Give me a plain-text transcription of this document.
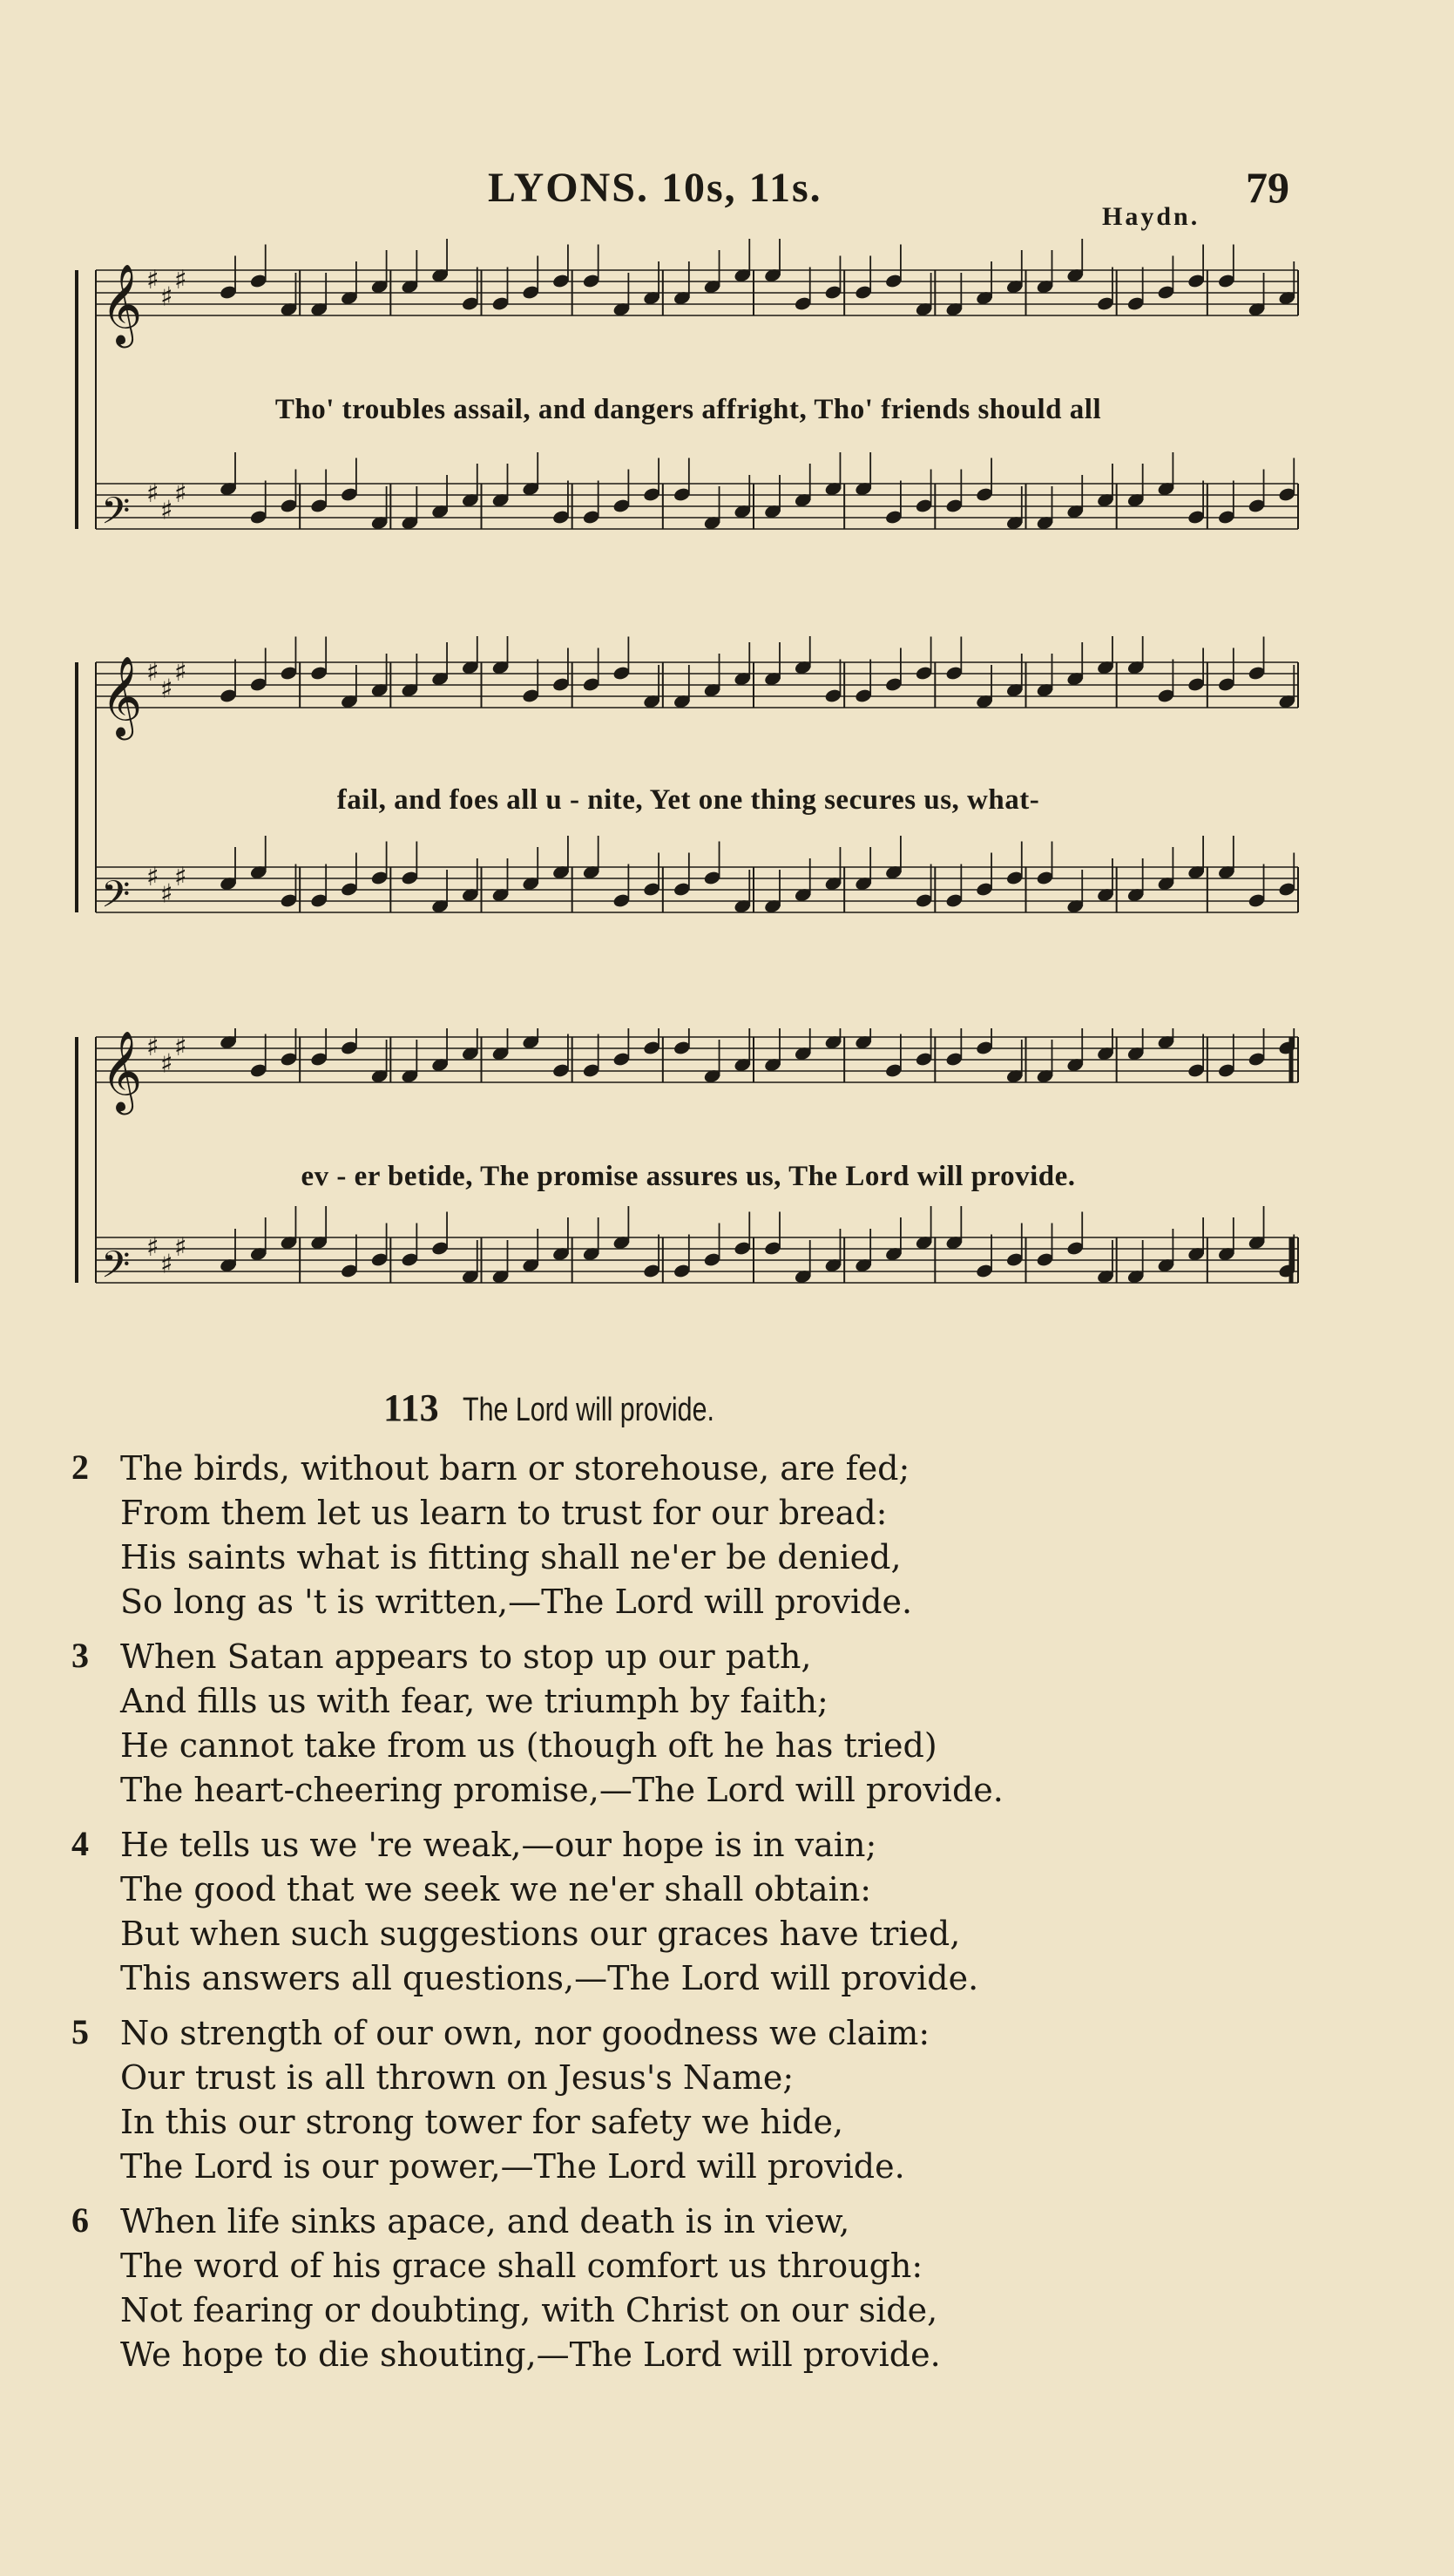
LYONS. 10s, 11s.	79
Haydn.
𝄞 ♯
♯
♯
𝄢 ♯
♯
♯
Tho' troubles assail, and dangers affright, Tho' friends should all
𝄞 ♯
♯
♯
𝄢 ♯
♯
♯
fail, and foes all u - nite, Yet one thing secures us, what-
𝄞 ♯
♯
♯
𝄢 ♯
♯
♯
ev - er betide, The promise assures us, The Lord will provide.
113 The Lord will provide.
2 The birds, without barn or storehouse, are fed;
From them let us learn to trust for our bread:
His saints what is fitting shall ne'er be denied,
So long as 't is written,—The Lord will provide.
3 When Satan appears to stop up our path,
And fills us with fear, we triumph by faith;
He cannot take from us (though oft he has tried)
The heart-cheering promise,—The Lord will provide.
4 He tells us we 're weak,—our hope is in vain;
The good that we seek we ne'er shall obtain:
But when such suggestions our graces have tried,
This answers all questions,—The Lord will provide.
5 No strength of our own, nor goodness we claim:
Our trust is all thrown on Jesus's Name;
In this our strong tower for safety we hide,
The Lord is our power,—The Lord will provide.
6 When life sinks apace, and death is in view,
The word of his grace shall comfort us through:
Not fearing or doubting, with Christ on our side,
We hope to die shouting,—The Lord will provide.
